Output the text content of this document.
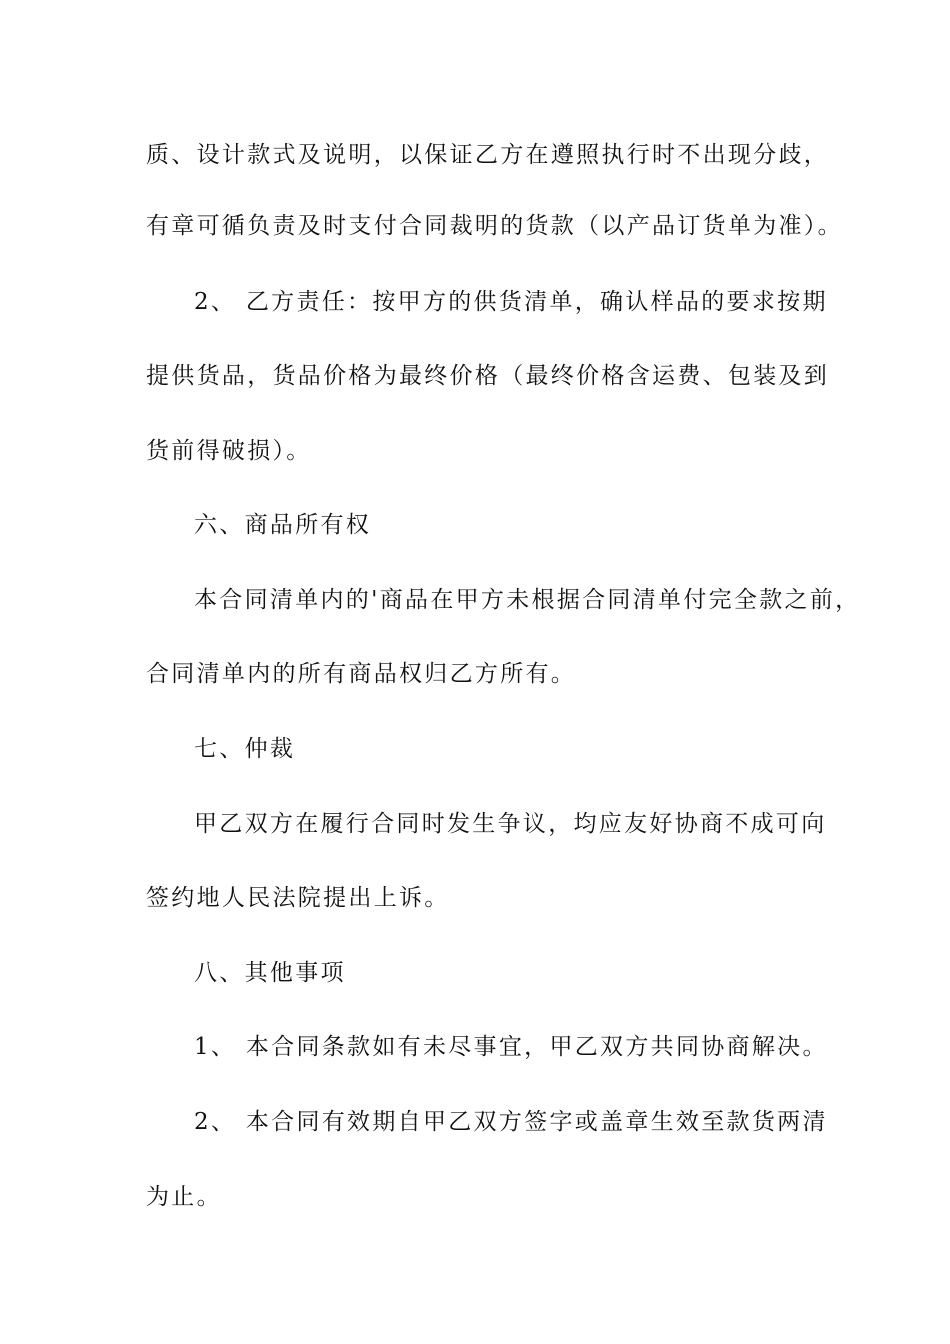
质、设计款式及说明，以保证乙方在遵照执行时不出现分歧，
有章可循负责及时支付合同裁明的货款（以产品订货单为准）。
2、 乙方责任：按甲方的供货清单，确认样品的要求按期
提供货品，货品价格为最终价格（最终价格含运费、包装及到
货前得破损）。
六、商品所有权
本合同清单内的'商品在甲方未根据合同清单付完全款之前，
合同清单内的所有商品权归乙方所有。
七、仲裁
甲乙双方在履行合同时发生争议，均应友好协商不成可向
签约地人民法院提出上诉。
八、其他事项
1、 本合同条款如有未尽事宜，甲乙双方共同协商解决。
2、 本合同有效期自甲乙双方签字或盖章生效至款货两清
为止。
